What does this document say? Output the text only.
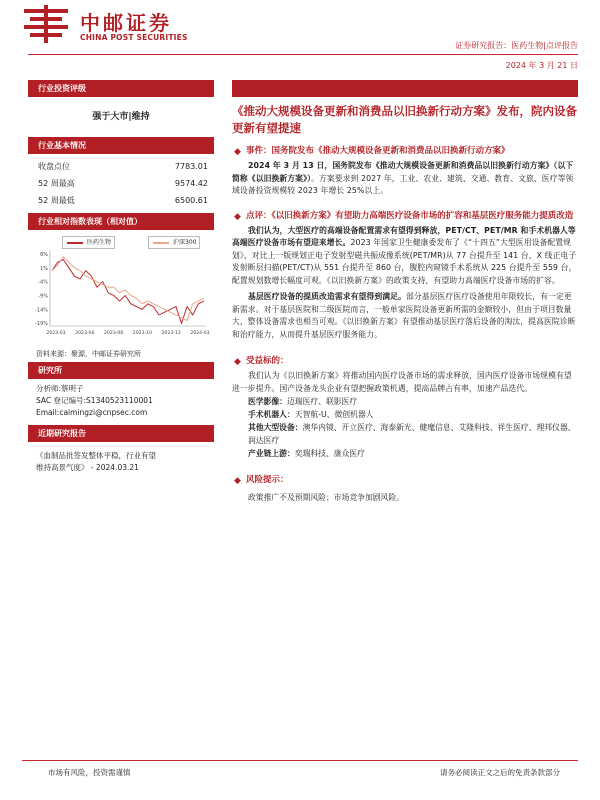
中邮证券
CHINA POST SECURITIES
证券研究报告：医药生物|点评报告
2024 年 3 月 21 日
行业投资评级
强于大市|维持
行业基本情况
收盘点位	7783.01
52 周最高	9574.42
52 周最低	6500.61
行业相对指数表现（相对值）
医药生物	沪深300
6%
1%
-4%
-9%
-14%
-19%
2023-03 2023-06 2023-08 2023-10 2023-12 2024-03
资料来源：聚源，中邮证券研究所
研究所
分析师:蔡明子
SAC 登记编号:S1340523110001
Email:caimingzi@cnpsec.com
近期研究报告
《血制品批签发整体平稳，行业有望
维持高景气度》 - 2024.03.21
《推动大规模设备更新和消费品以旧换新行动方案》发布，院内设备更新有望提速
◆ 事件：国务院发布《推动大规模设备更新和消费品以旧换新行动方案》
2024 年 3 月 13 日，国务院发布《推动大规模设备更新和消费品以旧换新行动方案》（以下简称《以旧换新方案》）。方案要求到 2027 年，工业、农业、建筑、交通、教育、文旅、医疗等领域设备投资规模较 2023 年增长 25%以上。
◆ 点评：《以旧换新方案》有望助力高端医疗设备市场的扩容和基层医疗服务能力提质改造
我们认为，大型医疗的高端设备配置需求有望得到释放，PET/CT、PET/MR 和手术机器人等高端医疗设备市场有望迎来增长。2023 年国家卫生健康委发布了《“十四五”大型医用设备配置规划》，对比上一版规划正电子发射型磁共振成像系统(PET/MR)从 77 台提升至 141 台，X 线正电子发射断层扫描(PET/CT)从 551 台提升至 860 台，腹腔内窥镜手术系统从 225 台提升至 559 台，配置规划数增长幅度可观。《以旧换新方案》的政策支持，有望助力高端医疗设备市场的扩容。
基层医疗设备的提质改造需求有望得到满足。部分基层医疗医疗设备使用年限较长，有一定更新需求。对于基层医院和二级医院而言，一般单家医院设备更新所需的金额较小，但由于项目数量大，整体设备需求也相当可观。《以旧换新方案》有望推动基层医疗落后设备的淘汰，提高医院诊断和治疗能力，从而提升基层医疗服务能力。
◆ 受益标的：
我们认为《以旧换新方案》将推动国内医疗设备市场的需求释放，国内医疗设备市场规模有望进一步提升。国产设备龙头企业有望把握政策机遇，提高品牌占有率，加速产品迭代。
医学影像：迈瑞医疗、联影医疗
手术机器人：天智航-U、微创机器人
其他大型设备：澳华内镜、开立医疗、海泰新光、健麾信息、艾隆科技、祥生医疗、理邦仪器、润达医疗
产业链上游：奕瑞科技、康众医疗
◆ 风险提示：
政策推广不及预期风险；市场竞争加剧风险。
市场有风险，投资需谨慎	请务必阅读正文之后的免责条款部分
